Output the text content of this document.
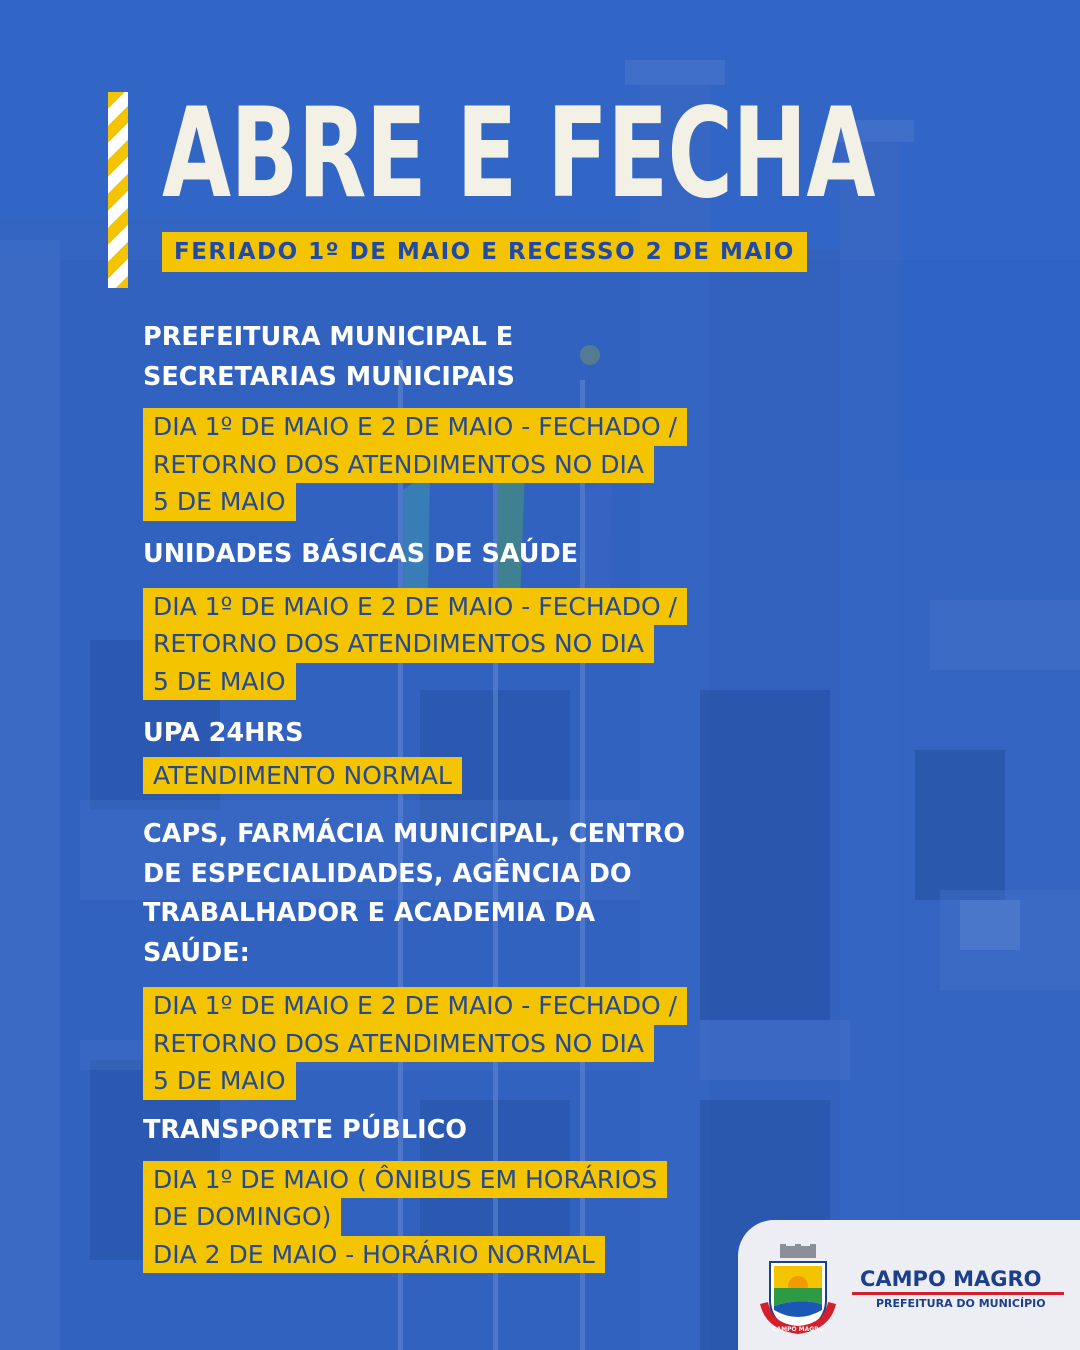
ABRE E FECHA
FERIADO 1º DE MAIO E RECESSO 2 DE MAIO
PREFEITURA MUNICIPAL E
SECRETARIAS MUNICIPAIS
DIA 1º DE MAIO E 2 DE MAIO - FECHADO /
RETORNO DOS ATENDIMENTOS NO DIA
5 DE MAIO
UNIDADES BÁSICAS DE SAÚDE
DIA 1º DE MAIO E 2 DE MAIO - FECHADO /
RETORNO DOS ATENDIMENTOS NO DIA
5 DE MAIO
UPA 24HRS
ATENDIMENTO NORMAL
CAPS, FARMÁCIA MUNICIPAL, CENTRO
DE ESPECIALIDADES, AGÊNCIA DO
TRABALHADOR E ACADEMIA DA
SAÚDE:
DIA 1º DE MAIO E 2 DE MAIO - FECHADO /
RETORNO DOS ATENDIMENTOS NO DIA
5 DE MAIO
TRANSPORTE PÚBLICO
DIA 1º DE MAIO ( ÔNIBUS EM HORÁRIOS
DE DOMINGO)
DIA 2 DE MAIO - HORÁRIO NORMAL
CAMPO MAGRO

CAMPO MAGRO

PREFEITURA DO MUNICÍPIO
